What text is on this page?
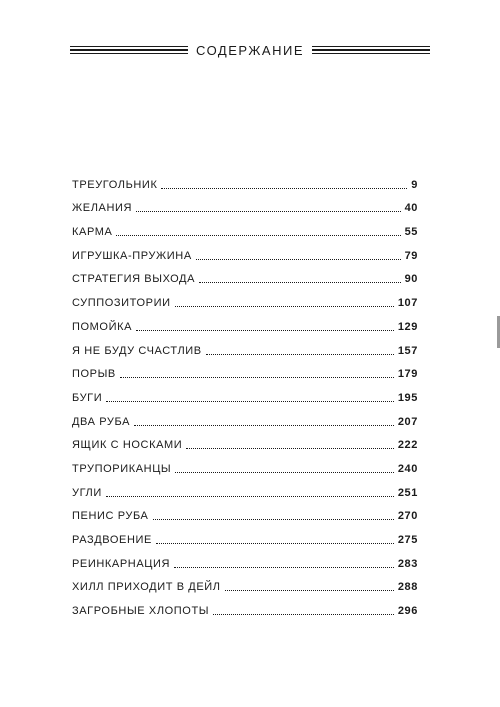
СОДЕРЖАНИЕ
ТРЕУГОЛЬНИК	9
ЖЕЛАНИЯ	40
КАРМА	55
ИГРУШКА-ПРУЖИНА	79
СТРАТЕГИЯ ВЫХОДА	90
СУППОЗИТОРИИ	107
ПОМОЙКА	129
Я НЕ БУДУ СЧАСТЛИВ	157
ПОРЫВ	179
БУГИ	195
ДВА РУБА	207
ЯЩИК С НОСКАМИ	222
ТРУПОРИКАНЦЫ	240
УГЛИ	251
ПЕНИС РУБА	270
РАЗДВОЕНИЕ	275
РЕИНКАРНАЦИЯ	283
ХИЛЛ ПРИХОДИТ В ДЕЙЛ	288
ЗАГРОБНЫЕ ХЛОПОТЫ	296
